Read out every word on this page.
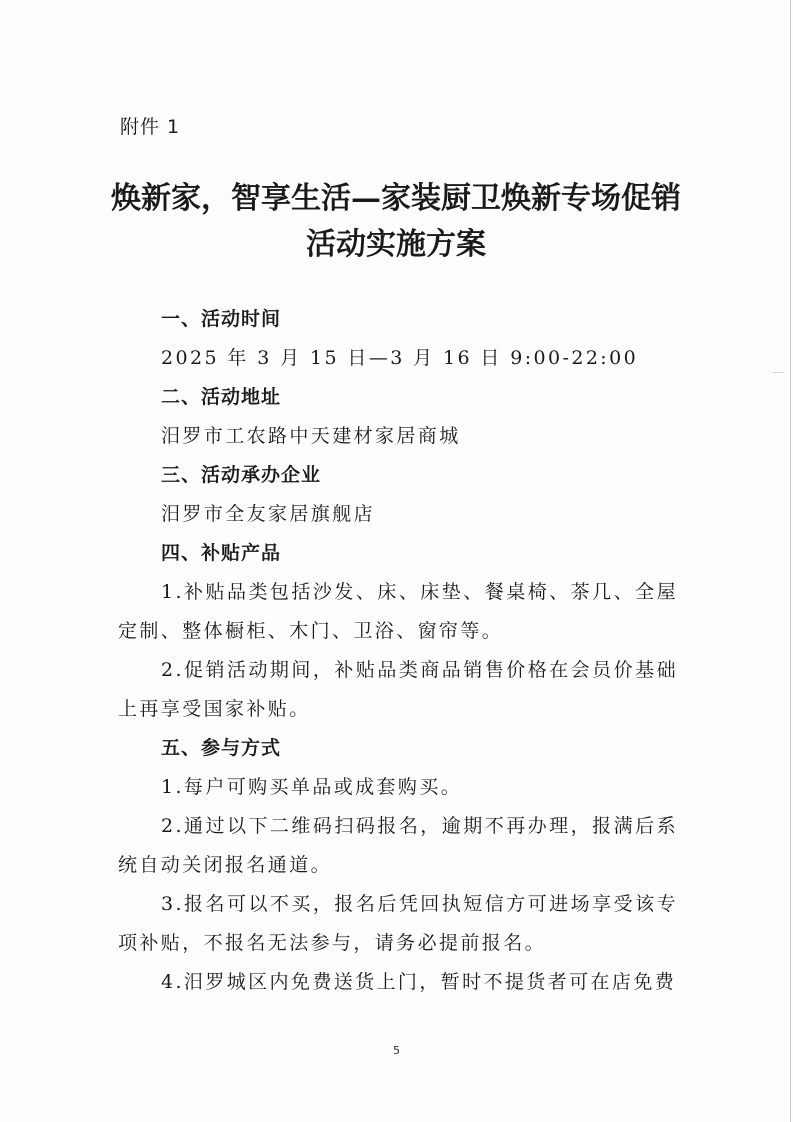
附件 1
焕新家，智享生活—家装厨卫焕新专场促销
活动实施方案

一、活动时间

2025 年 3 月 15 日—3 月 16 日 9:00-22:00

二、活动地址

汨罗市工农路中天建材家居商城

三、活动承办企业

汨罗市全友家居旗舰店

四、补贴产品

1.补贴品类包括沙发、床、床垫、餐桌椅、茶几、全屋定制、整体橱柜、木门、卫浴、窗帘等。

2.促销活动期间，补贴品类商品销售价格在会员价基础上再享受国家补贴。

五、参与方式

1.每户可购买单品或成套购买。

2.通过以下二维码扫码报名，逾期不再办理，报满后系统自动关闭报名通道。

3.报名可以不买，报名后凭回执短信方可进场享受该专项补贴，不报名无法参与，请务必提前报名。

4.汨罗城区内免费送货上门，暂时不提货者可在店免费

5
